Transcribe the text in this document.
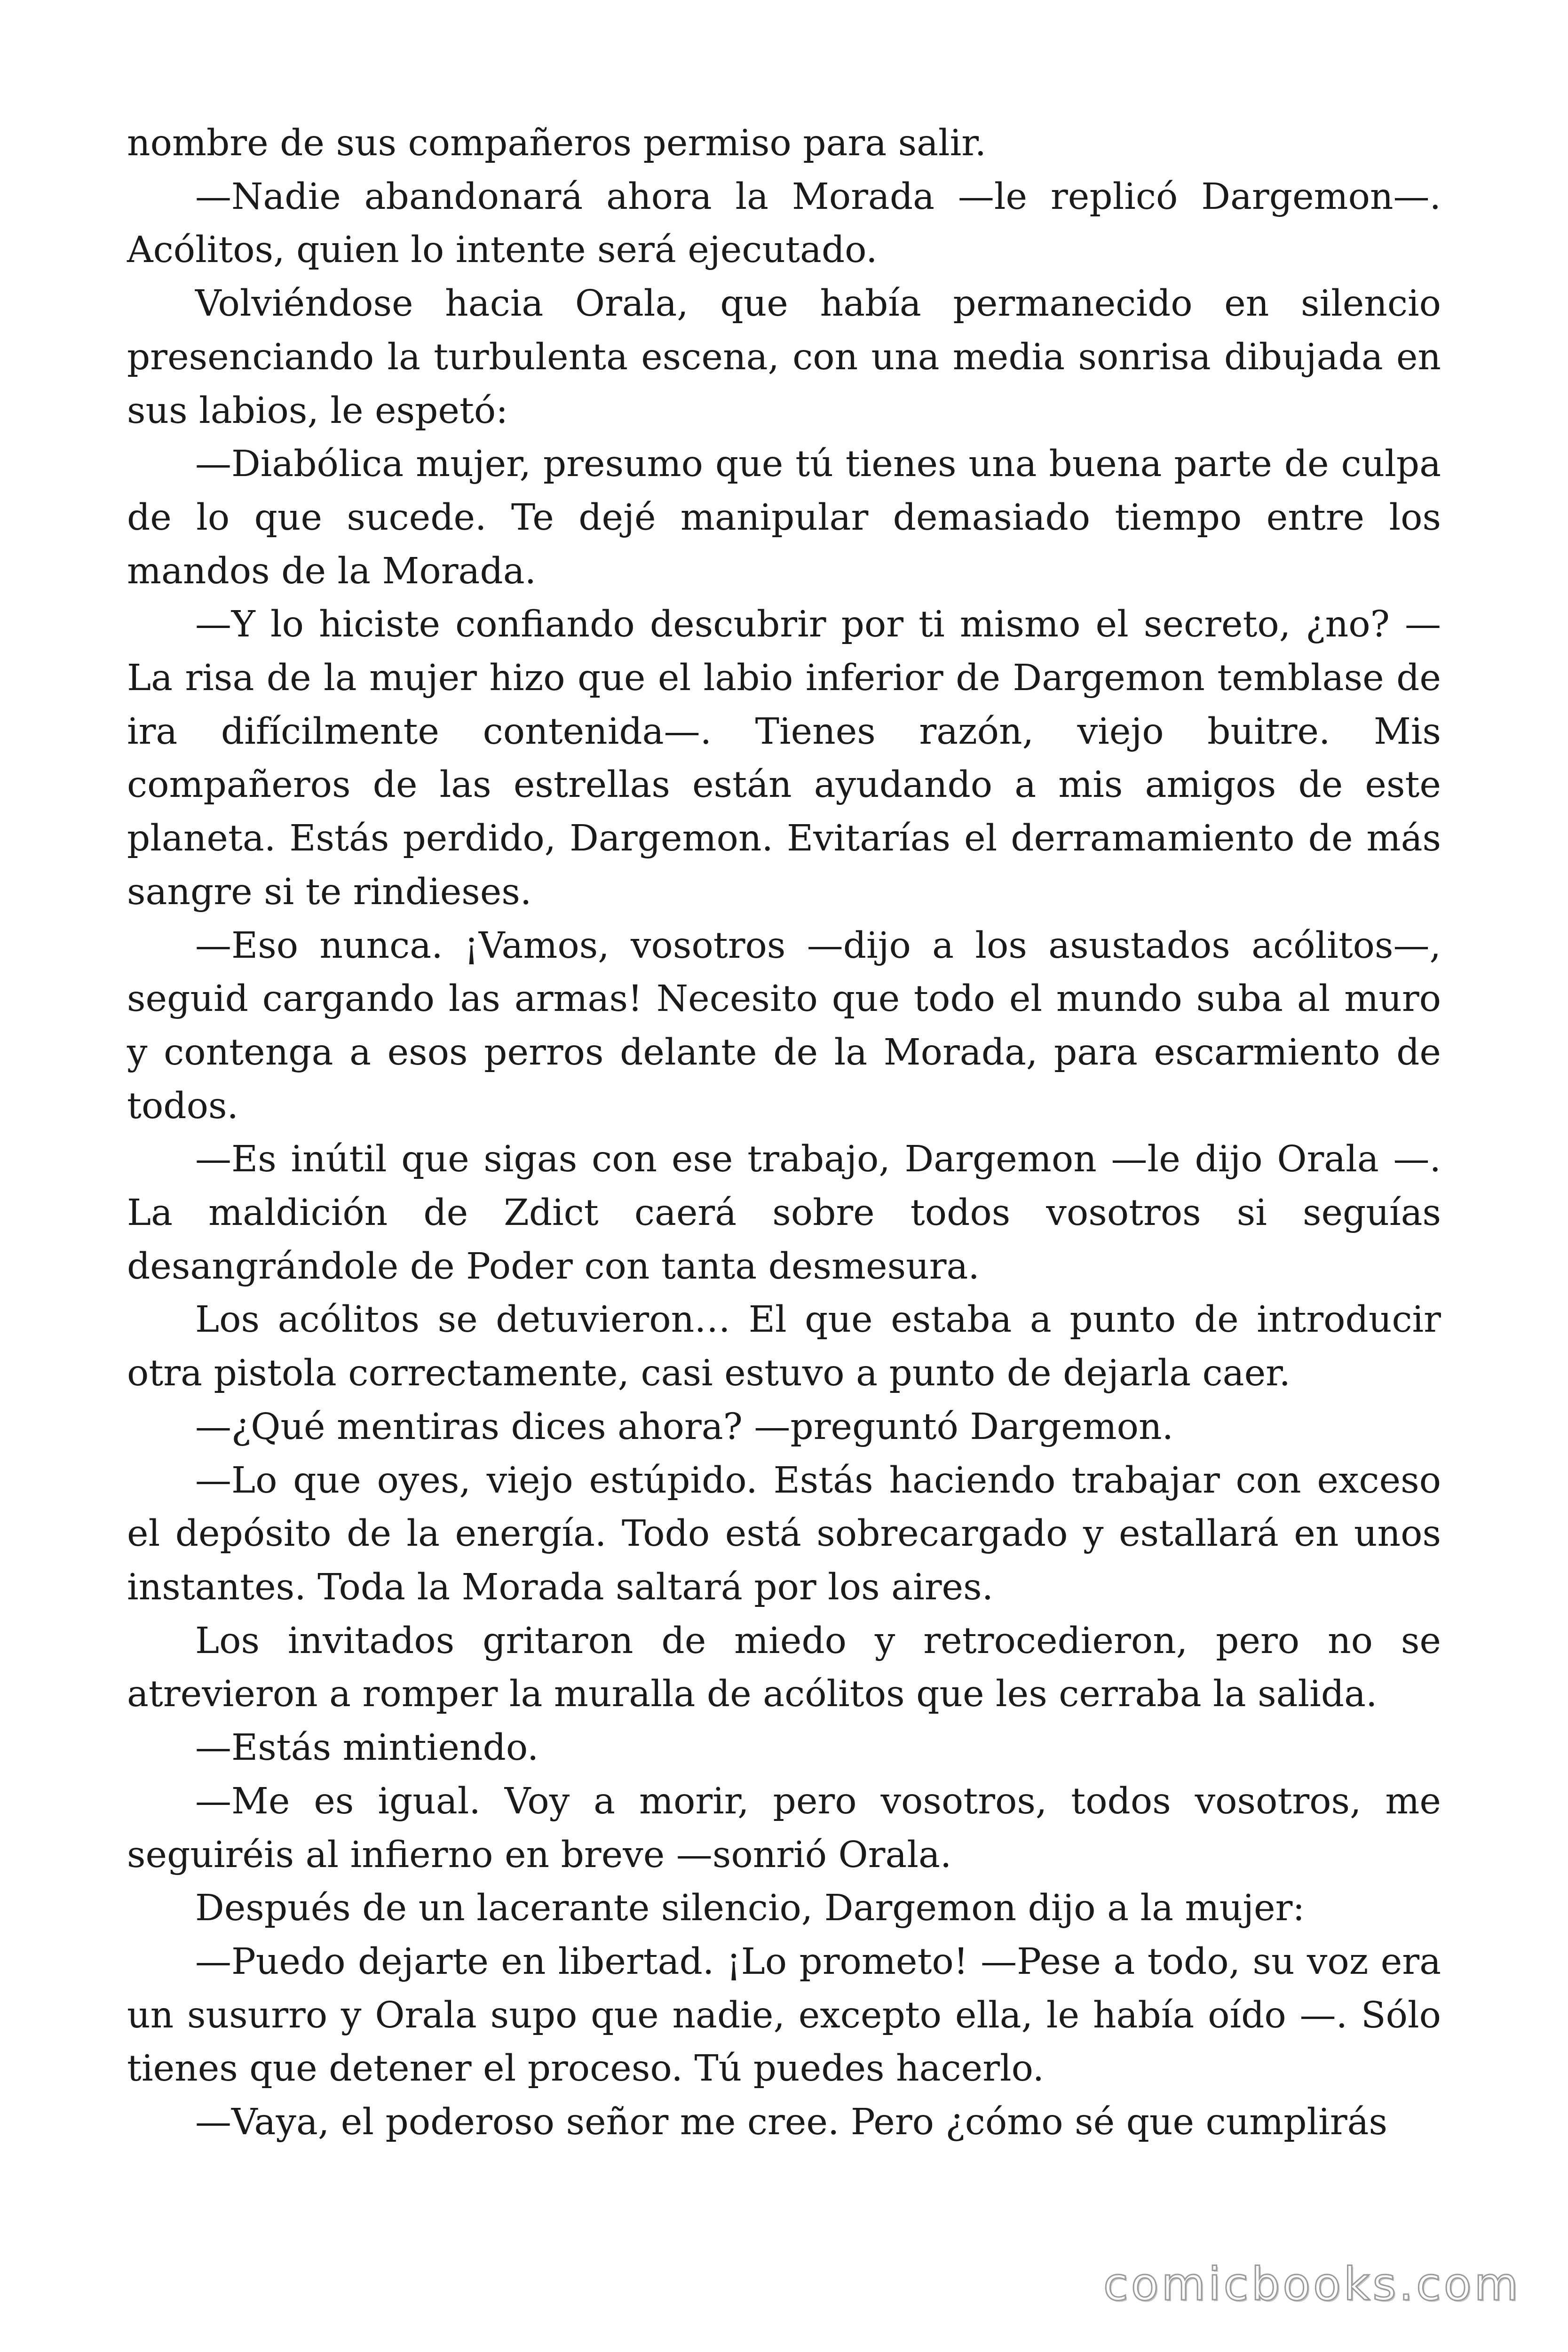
nombre de sus compañeros permiso para salir.

—Nadie abandonará ahora la Morada —le replicó Dargemon—. Acólitos, quien lo intente será ejecutado.

Volviéndose hacia Orala, que había permanecido en silencio presenciando la turbulenta escena, con una media sonrisa dibujada en sus labios, le espetó:

—Diabólica mujer, presumo que tú tienes una buena parte de culpa de lo que sucede. Te dejé manipular demasiado tiempo entre los mandos de la Morada.

—Y lo hiciste confiando descubrir por ti mismo el secreto, ¿no? —La risa de la mujer hizo que el labio inferior de Dargemon temblase de ira difícilmente contenida—. Tienes razón, viejo buitre. Mis compañeros de las estrellas están ayudando a mis amigos de este planeta. Estás perdido, Dargemon. Evitarías el derramamiento de más sangre si te rindieses.

—Eso nunca. ¡Vamos, vosotros —dijo a los asustados acólitos—, seguid cargando las armas! Necesito que todo el mundo suba al muro y contenga a esos perros delante de la Morada, para escarmiento de todos.

—Es inútil que sigas con ese trabajo, Dargemon —le dijo Orala —. La maldición de Zdict caerá sobre todos vosotros si seguías desangrándole de Poder con tanta desmesura.

Los acólitos se detuvieron… El que estaba a punto de introducir otra pistola correctamente, casi estuvo a punto de dejarla caer.

—¿Qué mentiras dices ahora? —preguntó Dargemon.

—Lo que oyes, viejo estúpido. Estás haciendo trabajar con exceso el depósito de la energía. Todo está sobrecargado y estallará en unos instantes. Toda la Morada saltará por los aires.

Los invitados gritaron de miedo y retrocedieron, pero no se atrevieron a romper la muralla de acólitos que les cerraba la salida.

—Estás mintiendo.

—Me es igual. Voy a morir, pero vosotros, todos vosotros, me seguiréis al infierno en breve —sonrió Orala.

Después de un lacerante silencio, Dargemon dijo a la mujer:

—Puedo dejarte en libertad. ¡Lo prometo! —Pese a todo, su voz era un susurro y Orala supo que nadie, excepto ella, le había oído —. Sólo tienes que detener el proceso. Tú puedes hacerlo.

—Vaya, el poderoso señor me cree. Pero ¿cómo sé que cumplirás

comicbooks.com
